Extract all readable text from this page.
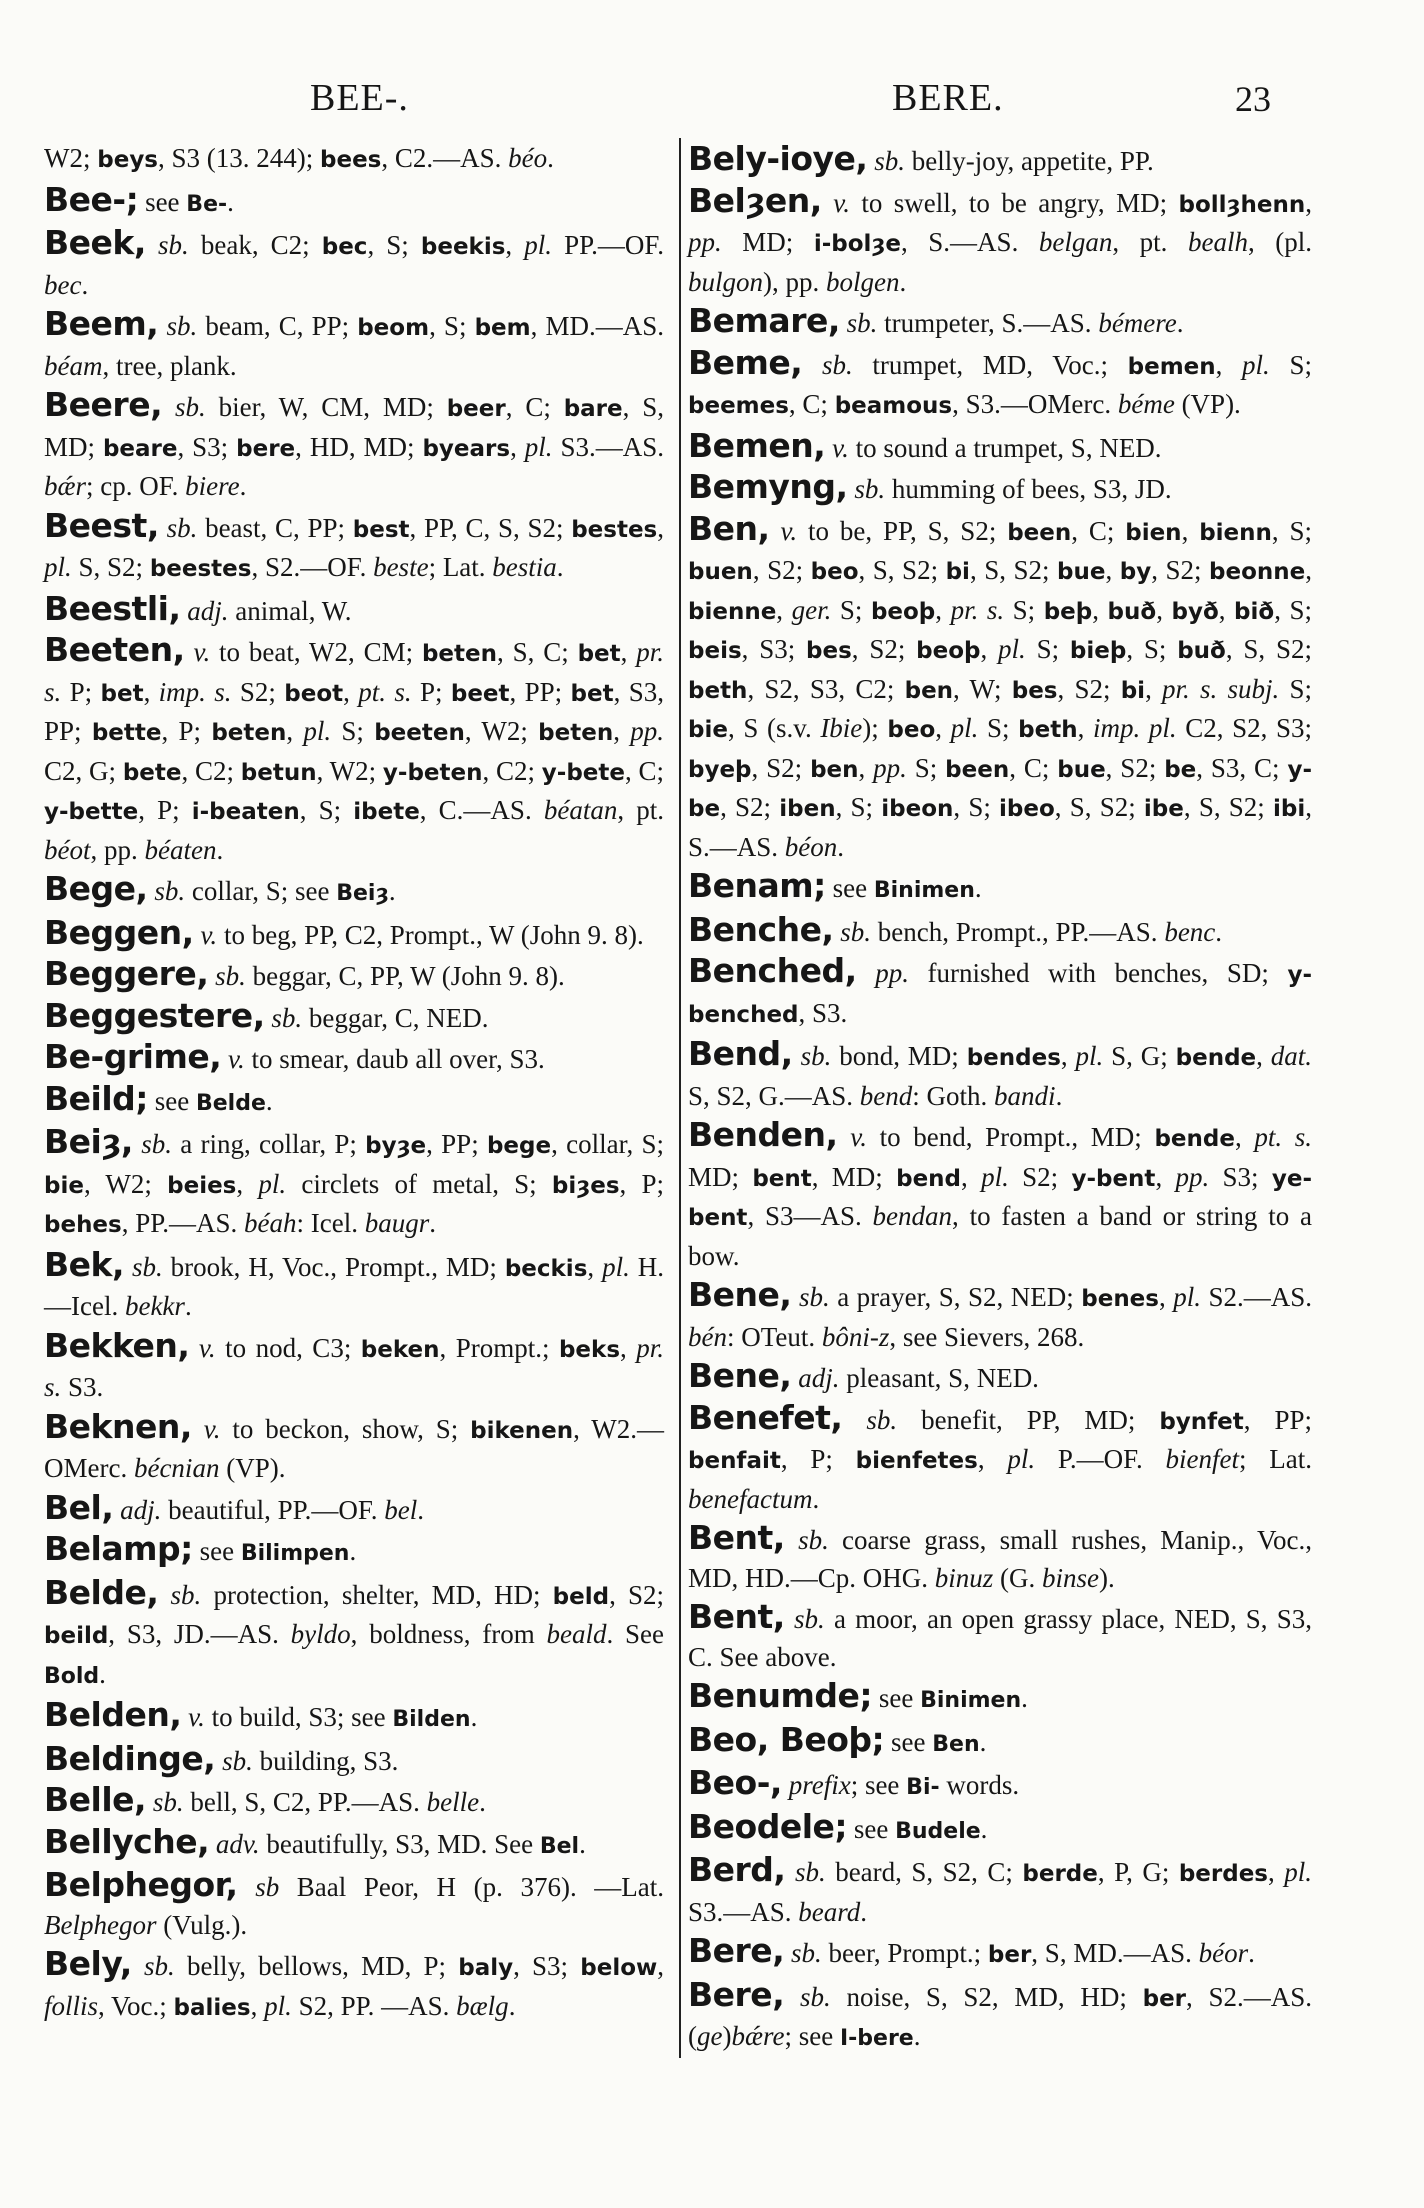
BEE-.	BERE.	23
W2; beys, S3 (13. 244); bees, C2.—AS. béo.
Bee-; see Be-.
Beek, sb. beak, C2; bec, S; beekis, pl. PP.—OF. bec.
Beem, sb. beam, C, PP; beom, S; bem, MD.—AS. béam, tree, plank.
Beere, sb. bier, W, CM, MD; beer, C; bare, S, MD; beare, S3; bere, HD, MD; byears, pl. S3.—AS. bǽr; cp. OF. biere.
Beest, sb. beast, C, PP; best, PP, C, S, S2; bestes, pl. S, S2; beestes, S2.—OF. beste; Lat. bestia.
Beestli, adj. animal, W.
Beeten, v. to beat, W2, CM; beten, S, C; bet, pr. s. P; bet, imp. s. S2; beot, pt. s. P; beet, PP; bet, S3, PP; bette, P; beten, pl. S; beeten, W2; beten, pp. C2, G; bete, C2; betun, W2; y-beten, C2; y-bete, C; y-bette, P; i-beaten, S; ibete, C.—AS. béatan, pt. béot, pp. béaten.
Bege, sb. collar, S; see Beiȝ.
Beggen, v. to beg, PP, C2, Prompt., W (John 9. 8).
Beggere, sb. beggar, C, PP, W (John 9. 8).
Beggestere, sb. beggar, C, NED.
Be-grime, v. to smear, daub all over, S3.
Beild; see Belde.
Beiȝ, sb. a ring, collar, P; byȝe, PP; bege, collar, S; bie, W2; beies, pl. circlets of metal, S; biȝes, P; behes, PP.—AS. béah: Icel. baugr.
Bek, sb. brook, H, Voc., Prompt., MD; beckis, pl. H.—Icel. bekkr.
Bekken, v. to nod, C3; beken, Prompt.; beks, pr. s. S3.
Beknen, v. to beckon, show, S; bikenen, W2.—OMerc. bécnian (VP).
Bel, adj. beautiful, PP.—OF. bel.
Belamp; see Bilimpen.
Belde, sb. protection, shelter, MD, HD; beld, S2; beild, S3, JD.—AS. byldo, boldness, from beald. See Bold.
Belden, v. to build, S3; see Bilden.
Beldinge, sb. building, S3.
Belle, sb. bell, S, C2, PP.—AS. belle.
Bellyche, adv. beautifully, S3, MD. See Bel.
Belphegor, sb Baal Peor, H (p. 376). —Lat. Belphegor (Vulg.).
Bely, sb. belly, bellows, MD, P; baly, S3; below, follis, Voc.; balies, pl. S2, PP. —AS. bælg.
Bely-ioye, sb. belly-joy, appetite, PP.
Belȝen, v. to swell, to be angry, MD; bollȝhenn, pp. MD; i-bolȝe, S.—AS. belgan, pt. bealh, (pl. bulgon), pp. bolgen.
Bemare, sb. trumpeter, S.—AS. bémere.
Beme, sb. trumpet, MD, Voc.; bemen, pl. S; beemes, C; beamous, S3.—OMerc. béme (VP).
Bemen, v. to sound a trumpet, S, NED.
Bemyng, sb. humming of bees, S3, JD.
Ben, v. to be, PP, S, S2; been, C; bien, bienn, S; buen, S2; beo, S, S2; bi, S, S2; bue, by, S2; beonne, bienne, ger. S; beoþ, pr. s. S; beþ, buð, byð, bið, S; beis, S3; bes, S2; beoþ, pl. S; bieþ, S; buð, S, S2; beth, S2, S3, C2; ben, W; bes, S2; bi, pr. s. subj. S; bie, S (s.v. Ibie); beo, pl. S; beth, imp. pl. C2, S2, S3; byeþ, S2; ben, pp. S; been, C; bue, S2; be, S3, C; y-be, S2; iben, S; ibeon, S; ibeo, S, S2; ibe, S, S2; ibi, S.—AS. béon.
Benam; see Binimen.
Benche, sb. bench, Prompt., PP.—AS. benc.
Benched, pp. furnished with benches, SD; y-benched, S3.
Bend, sb. bond, MD; bendes, pl. S, G; bende, dat. S, S2, G.—AS. bend: Goth. bandi.
Benden, v. to bend, Prompt., MD; bende, pt. s. MD; bent, MD; bend, pl. S2; y-bent, pp. S3; ye-bent, S3—AS. bendan, to fasten a band or string to a bow.
Bene, sb. a prayer, S, S2, NED; benes, pl. S2.—AS. bén: OTeut. bôni-z, see Sievers, 268.
Bene, adj. pleasant, S, NED.
Benefet, sb. benefit, PP, MD; bynfet, PP; benfait, P; bienfetes, pl. P.—OF. bienfet; Lat. benefactum.
Bent, sb. coarse grass, small rushes, Manip., Voc., MD, HD.—Cp. OHG. binuz (G. binse).
Bent, sb. a moor, an open grassy place, NED, S, S3, C. See above.
Benumde; see Binimen.
Beo, Beoþ; see Ben.
Beo-, prefix; see Bi- words.
Beodele; see Budele.
Berd, sb. beard, S, S2, C; berde, P, G; berdes, pl. S3.—AS. beard.
Bere, sb. beer, Prompt.; ber, S, MD.—AS. béor.
Bere, sb. noise, S, S2, MD, HD; ber, S2.—AS. (ge)bǽre; see I-bere.
